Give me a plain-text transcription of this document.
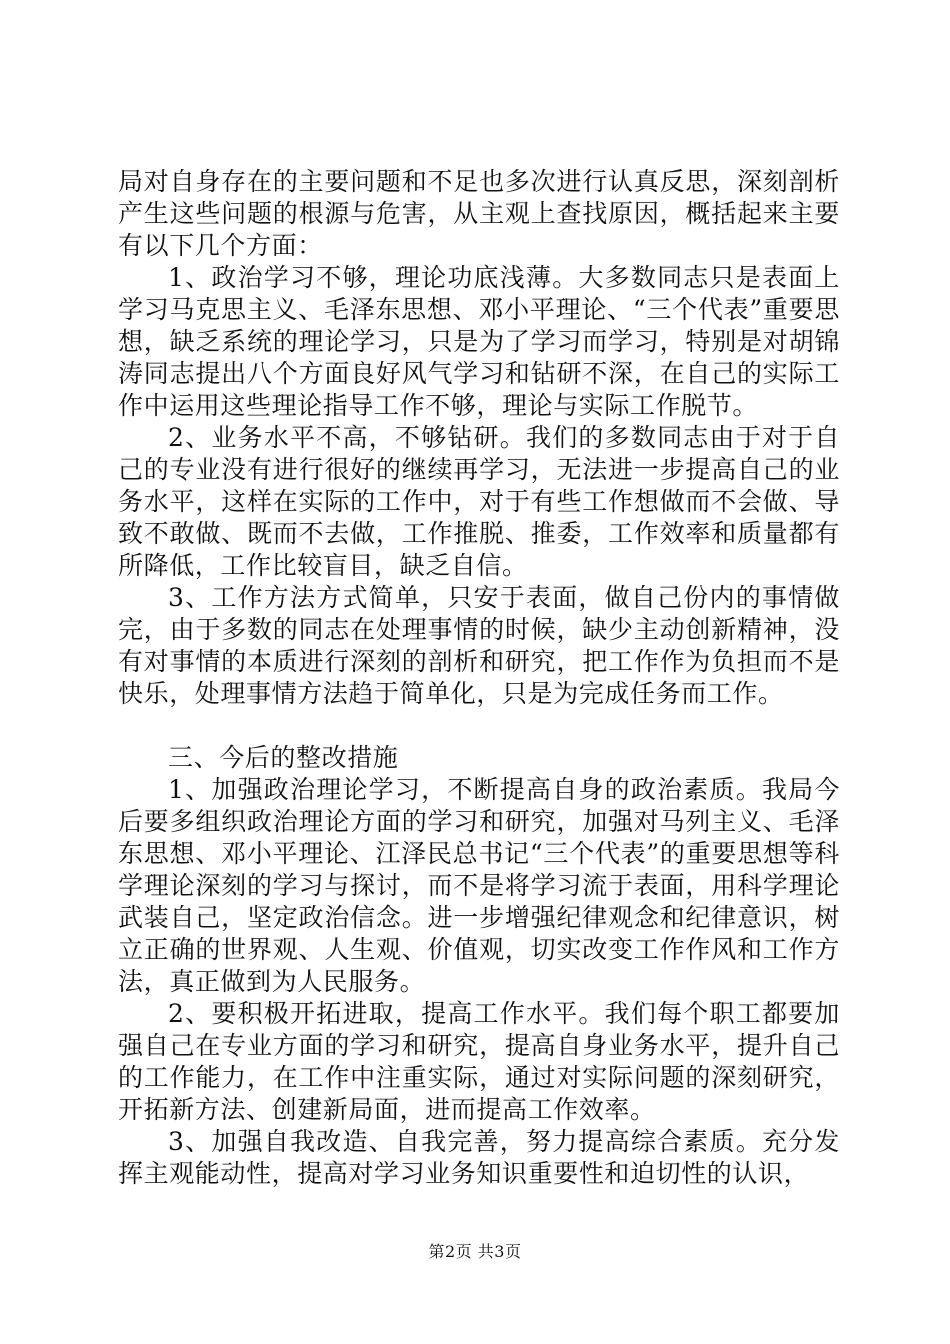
局对自身存在的主要问题和不足也多次进行认真反思，深刻剖析产生这些问题的根源与危害，从主观上查找原因，概括起来主要有以下几个方面：

1、政治学习不够，理论功底浅薄。大多数同志只是表面上学习马克思主义、毛泽东思想、邓小平理论、“三个代表”重要思想，缺乏系统的理论学习，只是为了学习而学习，特别是对胡锦涛同志提出八个方面良好风气学习和钻研不深，在自己的实际工作中运用这些理论指导工作不够，理论与实际工作脱节。

2、业务水平不高，不够钻研。我们的多数同志由于对于自己的专业没有进行很好的继续再学习，无法进一步提高自己的业务水平，这样在实际的工作中，对于有些工作想做而不会做、导致不敢做、既而不去做，工作推脱、推委，工作效率和质量都有所降低，工作比较盲目，缺乏自信。

3、工作方法方式简单，只安于表面，做自己份内的事情做完，由于多数的同志在处理事情的时候，缺少主动创新精神，没有对事情的本质进行深刻的剖析和研究，把工作作为负担而不是快乐，处理事情方法趋于简单化，只是为完成任务而工作。

三、今后的整改措施

1、加强政治理论学习，不断提高自身的政治素质。我局今后要多组织政治理论方面的学习和研究，加强对马列主义、毛泽东思想、邓小平理论、江泽民总书记“三个代表”的重要思想等科学理论深刻的学习与探讨，而不是将学习流于表面，用科学理论武装自己，坚定政治信念。进一步增强纪律观念和纪律意识，树立正确的世界观、人生观、价值观，切实改变工作作风和工作方法，真正做到为人民服务。

2、要积极开拓进取，提高工作水平。我们每个职工都要加强自己在专业方面的学习和研究，提高自身业务水平，提升自己的工作能力，在工作中注重实际，通过对实际问题的深刻研究，开拓新方法、创建新局面，进而提高工作效率。

3、加强自我改造、自我完善，努力提高综合素质。充分发挥主观能动性，提高对学习业务知识重要性和迫切性的认识，

第2页 共3页
